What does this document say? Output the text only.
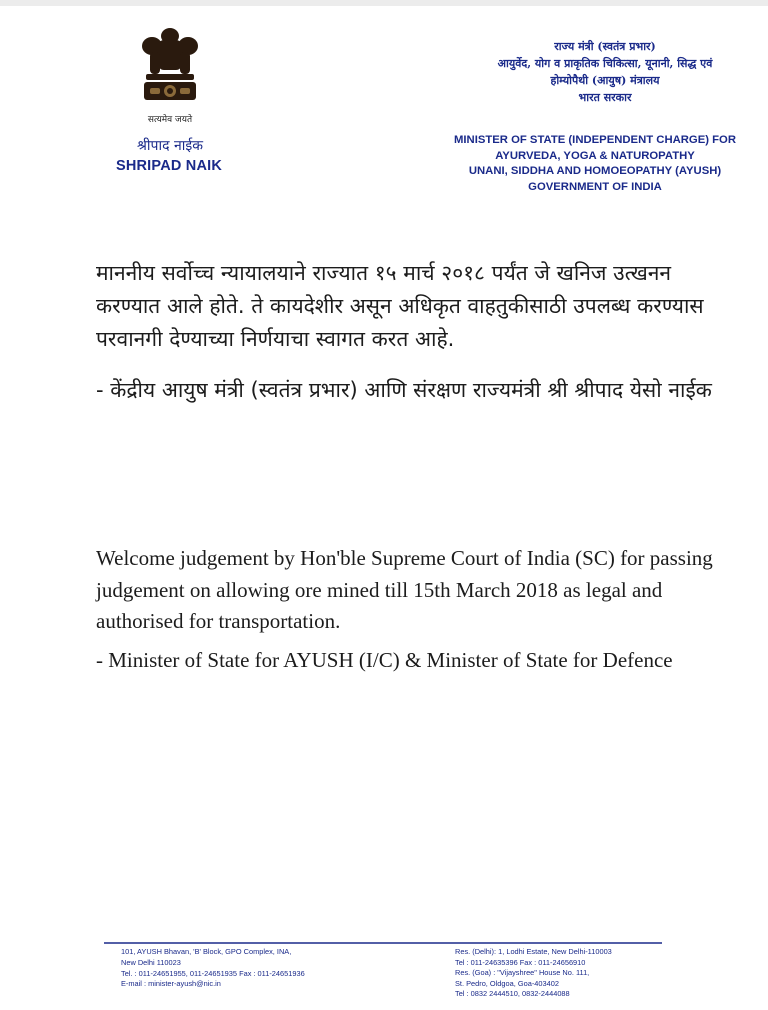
सत्यमेव जयते
श्रीपाद नाईक
SHRIPAD NAIK
राज्य मंत्री (स्वतंत्र प्रभार)
आयुर्वेद, योग व प्राकृतिक चिकित्सा, यूनानी, सिद्ध एवं
होम्योपैथी (आयुष) मंत्रालय
भारत सरकार
MINISTER OF STATE (INDEPENDENT CHARGE) FOR
AYURVEDA, YOGA & NATUROPATHY
UNANI, SIDDHA AND HOMOEOPATHY (AYUSH)
GOVERNMENT OF INDIA
माननीय सर्वोच्च न्यायालयाने राज्यात १५ मार्च २०१८ पर्यंत जे खनिज उत्खनन करण्यात आले होते. ते कायदेशीर असून अधिकृत वाहतुकीसाठी उपलब्ध करण्यास परवानगी देण्याच्या निर्णयाचा स्वागत करत आहे.
- केंद्रीय आयुष मंत्री (स्वतंत्र प्रभार) आणि संरक्षण राज्यमंत्री श्री श्रीपाद येसो नाईक
Welcome judgement by Hon'ble Supreme Court of India (SC) for passing judgement on allowing ore mined till 15th March 2018 as legal and authorised for transportation.
- Minister of State for AYUSH (I/C) & Minister of State for Defence
101, AYUSH Bhavan, 'B' Block, GPO Complex, INA,
New Delhi 110023
Tel. : 011-24651955, 011-24651935 Fax : 011-24651936
E-mail : minister-ayush@nic.in
Res. (Delhi): 1, Lodhi Estate, New Delhi-110003
Tel : 011-24635396 Fax : 011-24656910
Res. (Goa) : "Vijayshree" House No. 111,
St. Pedro, Oldgoa, Goa-403402
Tel : 0832 2444510, 0832-2444088
